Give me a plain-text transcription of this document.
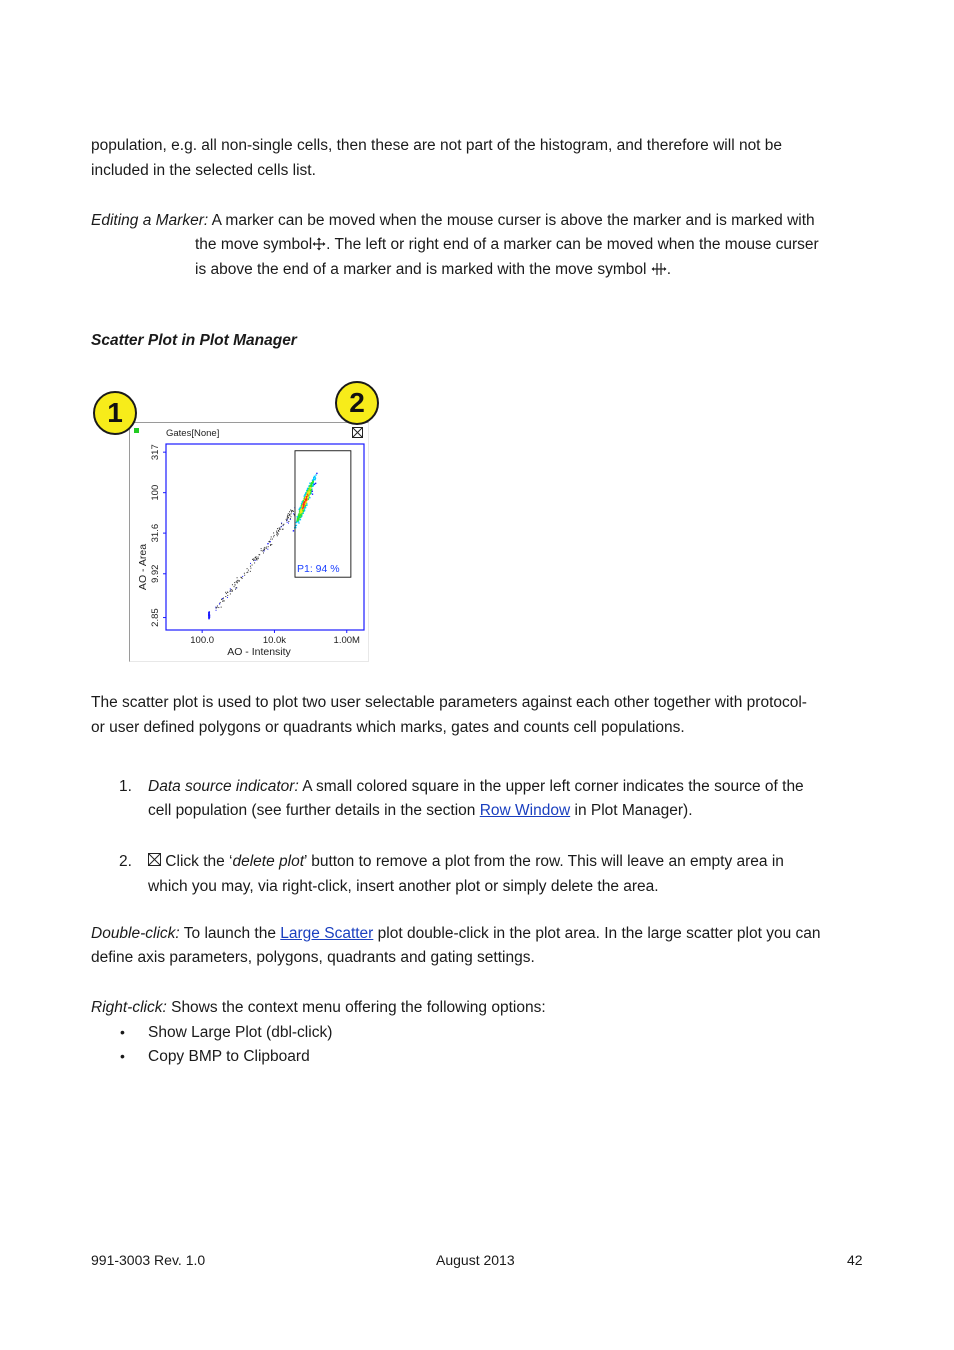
population, e.g. all non-single cells, then these are not part of the histogram, and therefore will not be

included in the selected cells list.

Editing a Marker: A marker can be moved when the mouse curser is above the marker and is marked with

the move symbol . The left or right end of a marker can be moved when the mouse curser

is above the end of a marker and is marked with the move symbol .

Scatter Plot in Plot Manager

Gates[None]
100.0	10.0k	1.00M
2.85
9.92
31.6
100
317
P1: 94 %
AO - Intensity
AO - Area
1	2

The scatter plot is used to plot two user selectable parameters against each other together with protocol-

or user defined polygons or quadrants which marks, gates and counts cell populations.

1. Data source indicator: A small colored square in the upper left corner indicates the source of the

cell population (see further details in the section Row Window in Plot Manager).

2.	Click the ‘delete plot’ button to remove a plot from the row. This will leave an empty area in

which you may, via right-click, insert another plot or simply delete the area.

Double-click: To launch the Large Scatter plot double-click in the plot area. In the large scatter plot you can

define axis parameters, polygons, quadrants and gating settings.

Right-click: Shows the context menu offering the following options:

• Show Large Plot (dbl-click)

• Copy BMP to Clipboard

991-3003 Rev. 1.0	August 2013	42
